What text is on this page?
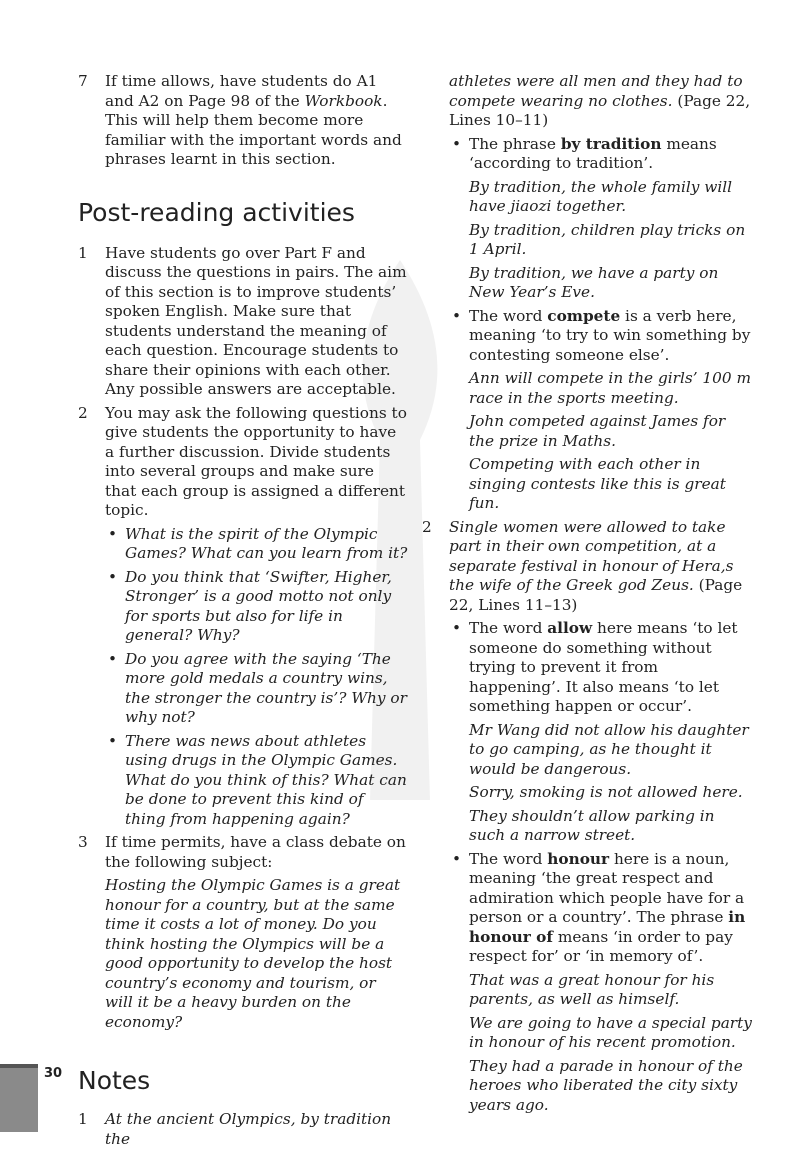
7 If time allows, have students do A1 and A2 on Page 98 of the Workbook. This will help them become more familiar with the important words and phrases learnt in this section.
Post-reading activities
1 Have students go over Part F and discuss the questions in pairs. The aim of this section is to improve students’ spoken English. Make sure that students understand the meaning of each question. Encourage students to share their opinions with each other. Any possible answers are acceptable.
2 You may ask the following questions to give students the opportunity to have a further discussion. Divide students into several groups and make sure that each group is assigned a different topic.
• What is the spirit of the Olympic Games? What can you learn from it?
• Do you think that ‘Swifter, Higher, Stronger’ is a good motto not only for sports but also for life in general? Why?
• Do you agree with the saying ‘The more gold medals a country wins, the stronger the country is’? Why or why not?
• There was news about athletes using drugs in the Olympic Games. What do you think of this? What can be done to prevent this kind of thing from happening again?
3 If time permits, have a class debate on the following subject:
Hosting the Olympic Games is a great honour for a country, but at the same time it costs a lot of money. Do you think hosting the Olympics will be a good opportunity to develop the host country’s economy and tourism, or will it be a heavy burden on the economy?
Notes
1 At the ancient Olympics, by tradition the
athletes were all men and they had to compete wearing no clothes. (Page 22, Lines 10–11)
• The phrase by tradition means ‘according to tradition’.
By tradition, the whole family will have jiaozi together.
By tradition, children play tricks on 1 April.
By tradition, we have a party on New Year’s Eve.
• The word compete is a verb here, meaning ‘to try to win something by contesting someone else’.
Ann will compete in the girls’ 100 m race in the sports meeting.
John competed against James for the prize in Maths.
Competing with each other in singing contests like this is great fun.
2 Single women were allowed to take part in their own competition, at a separate festival in honour of Hera,s the wife of the Greek god Zeus. (Page 22, Lines 11–13)
• The word allow here means ‘to let someone do something without trying to prevent it from happening’. It also means ‘to let something happen or occur’.
Mr Wang did not allow his daughter to go camping, as he thought it would be dangerous.
Sorry, smoking is not allowed here.
They shouldn’t allow parking in such a narrow street.
• The word honour here is a noun, meaning ‘the great respect and admiration which people have for a person or a country’. The phrase in honour of means ‘in order to pay respect for’ or ‘in memory of’.
That was a great honour for his parents, as well as himself.
We are going to have a special party in honour of his recent promotion.
They had a parade in honour of the heroes who liberated the city sixty years ago.
30
